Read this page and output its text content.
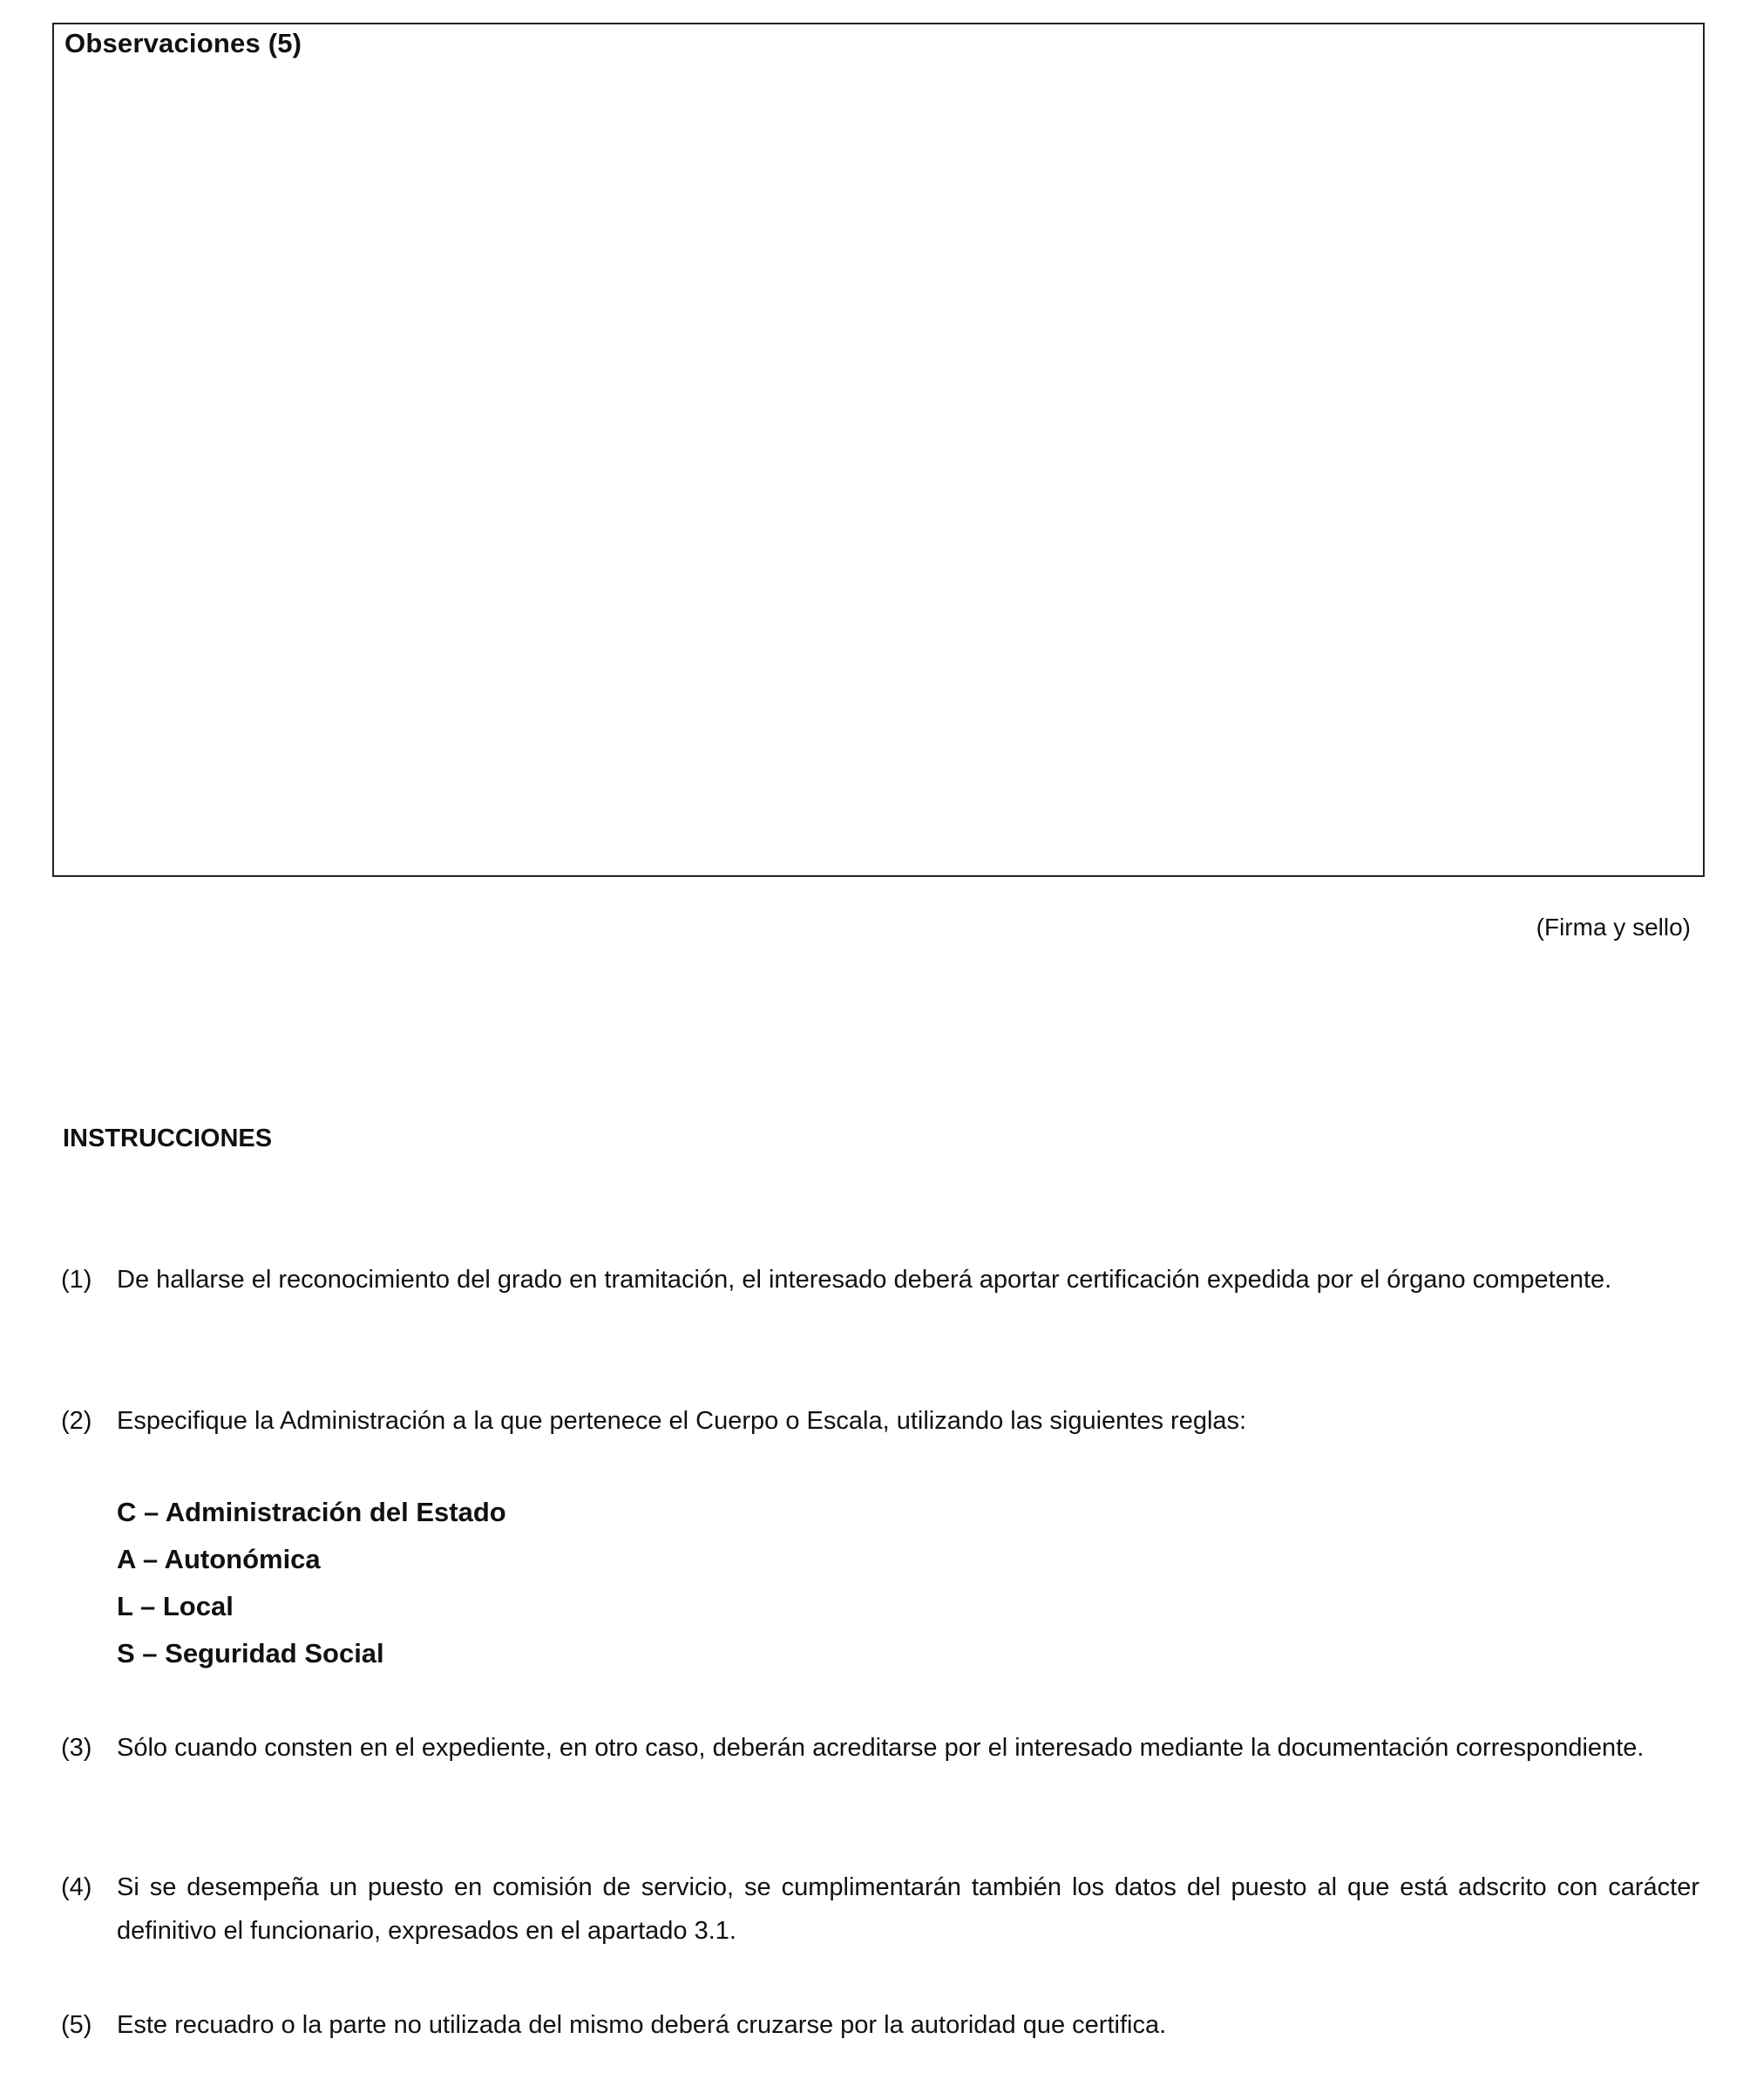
Observaciones (5)
(Firma y sello)
INSTRUCCIONES
(1) De hallarse el reconocimiento del grado en tramitación, el interesado deberá aportar certificación expedida por el órgano competente.
(2) Especifique la Administración a la que pertenece el Cuerpo o Escala, utilizando las siguientes reglas:
C – Administración del Estado
A – Autonómica
L – Local
S – Seguridad Social
(3) Sólo cuando consten en el expediente, en otro caso, deberán acreditarse por el interesado mediante la documentación correspondiente.
(4) Si se desempeña un puesto en comisión de servicio, se cumplimentarán también los datos del puesto al que está adscrito con carácter definitivo el funcionario, expresados en el apartado 3.1.
(5) Este recuadro o la parte no utilizada del mismo deberá cruzarse por la autoridad que certifica.
